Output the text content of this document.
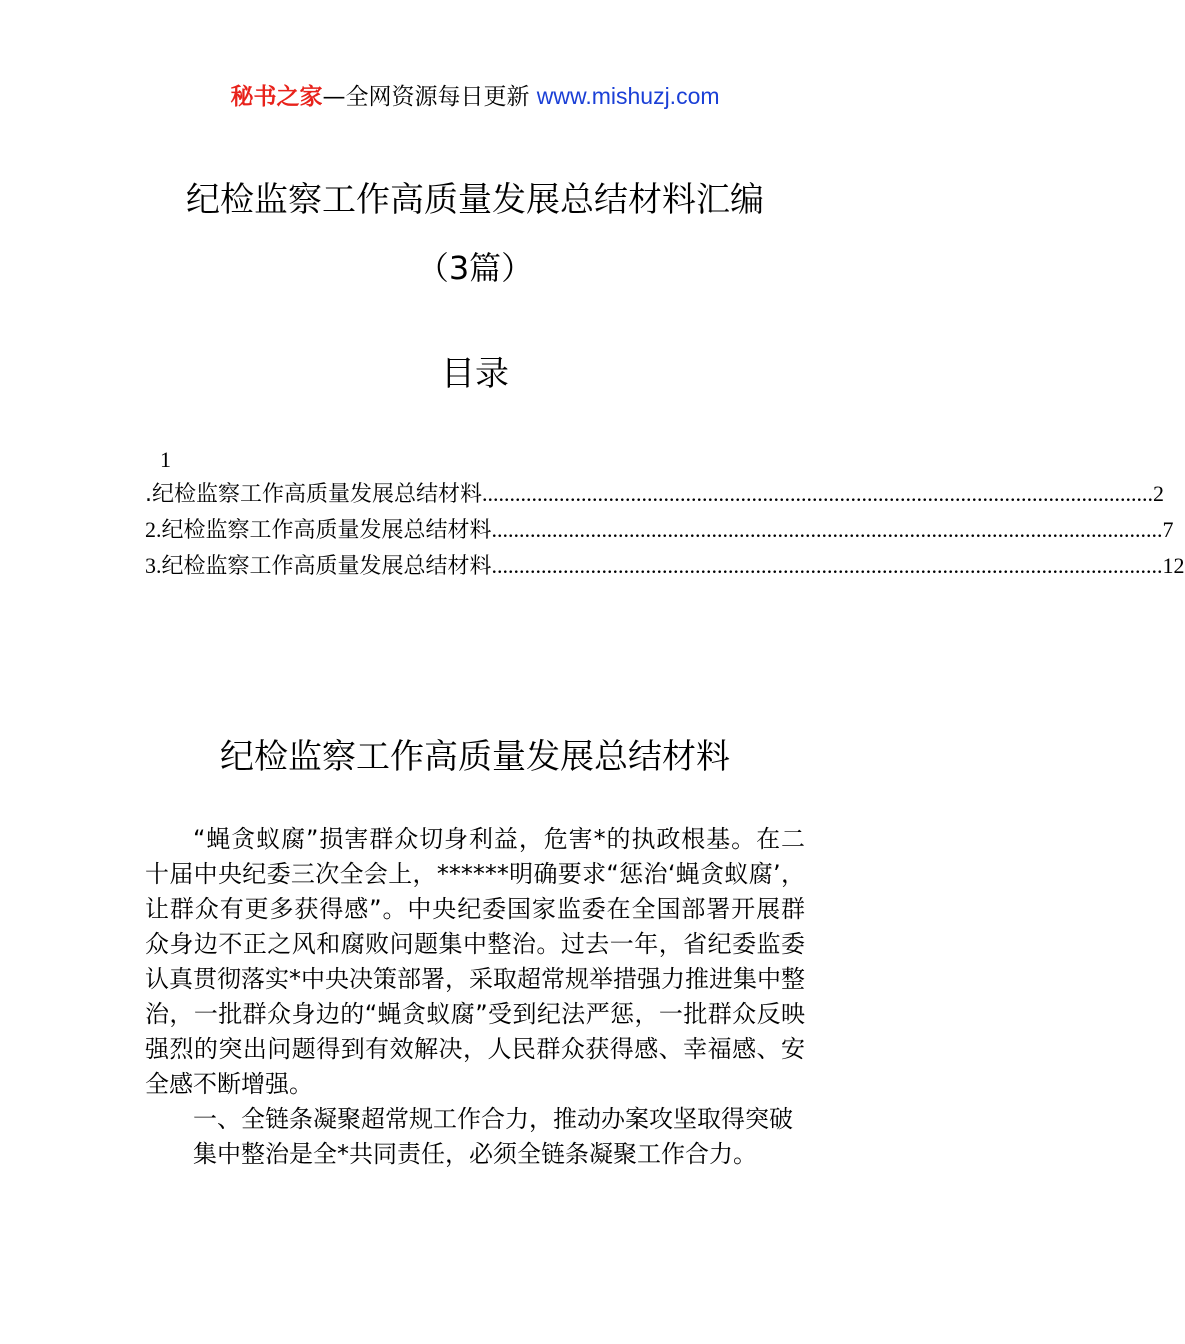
秘书之家—全网资源每日更新 www.mishuzj.com
纪检监察工作高质量发展总结材料汇编
（3篇）
目录
1
.纪检监察工作高质量发展总结材料 .......................................................................................................................... 2
2. 纪检监察工作高质量发展总结材料 .......................................................................................................................... 7
3. 纪检监察工作高质量发展总结材料 .......................................................................................................................... 12
纪检监察工作高质量发展总结材料

“蝇贪蚁腐”损害群众切身利益，危害*的执政根基。在二十届中央纪委三次全会上，******明确要求“惩治‘蝇贪蚁腐’，让群众有更多获得感”。中央纪委国家监委在全国部署开展群众身边不正之风和腐败问题集中整治。过去一年，省纪委监委认真贯彻落实*中央决策部署，采取超常规举措强力推进集中整治，一批群众身边的“蝇贪蚁腐”受到纪法严惩，一批群众反映强烈的突出问题得到有效解决，人民群众获得感、幸福感、安全感不断增强。

一、全链条凝聚超常规工作合力，推动办案攻坚取得突破

集中整治是全*共同责任，必须全链条凝聚工作合力。
